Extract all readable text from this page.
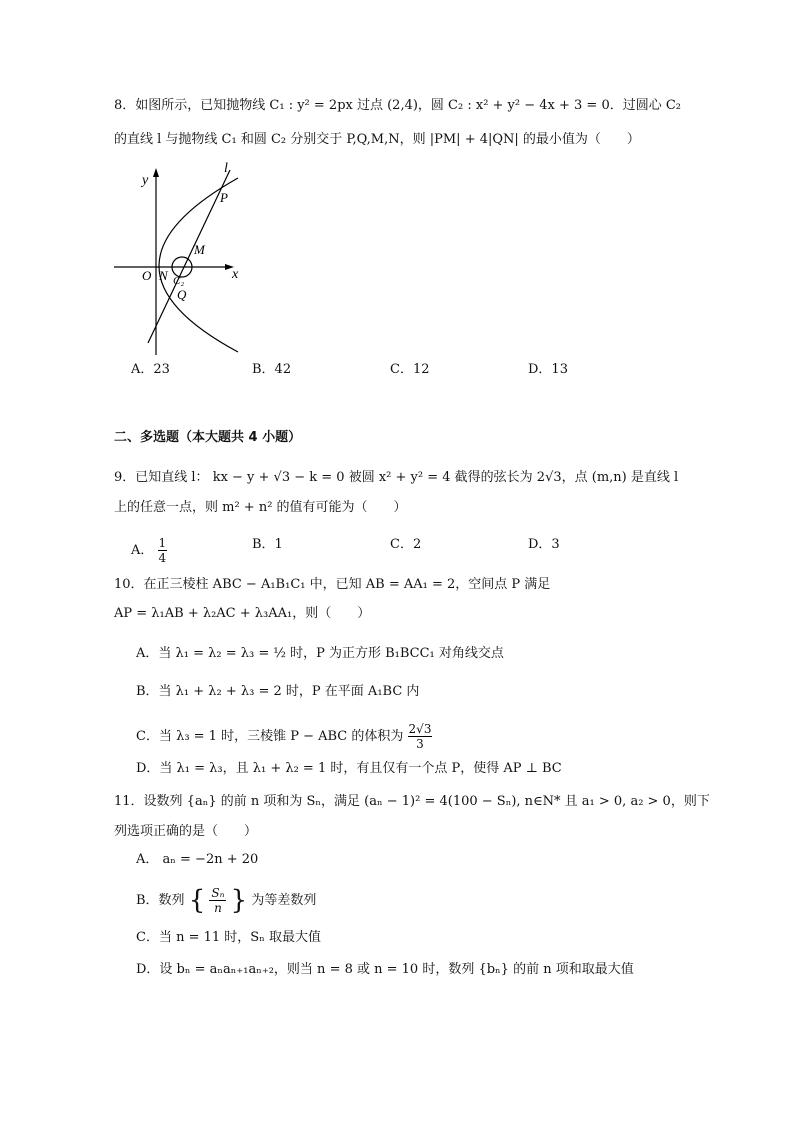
8．如图所示，已知抛物线 C₁ : y² = 2px 过点 (2,4)，圆 C₂ : x² + y² − 4x + 3 = 0．过圆心 C₂
的直线 l 与抛物线 C₁ 和圆 C₂ 分别交于 P,Q,M,N，则 |PM| + 4|QN| 的最小值为（　　）
y
x
l
P
M
O N C₂
Q
A．23	B．42	C．12	D．13
二、多选题（本大题共 4 小题）
9．已知直线 l： kx − y + √3 − k = 0 被圆 x² + y² = 4 截得的弦长为 2√3，点 (m,n) 是直线 l
上的任意一点，则 m² + n² 的值有可能为（　　）
A． $\frac{1}{4}$	B．1	C．2	D．3
10．在正三棱柱 ABC − A₁B₁C₁ 中，已知 AB = AA₁ = 2，空间点 P 满足
AP = λ₁AB + λ₂AC + λ₃AA₁，则（　　）
A．当 λ₁ = λ₂ = λ₃ = ½ 时，P 为正方形 B₁BCC₁ 对角线交点
B．当 λ₁ + λ₂ + λ₃ = 2 时，P 在平面 A₁BC 内
C．当 λ₃ = 1 时，三棱锥 P − ABC 的体积为 $\frac{2√3}{3}$
D．当 λ₁ = λ₃，且 λ₁ + λ₂ = 1 时，有且仅有一个点 P，使得 AP ⊥ BC
11．设数列 {aₙ} 的前 n 项和为 Sₙ，满足 (aₙ − 1)² = 4(100 − Sₙ), n∈N* 且 a₁ > 0, a₂ > 0，则下
列选项正确的是（　　）
A． aₙ = −2n + 20
B．数列 { $\frac{\text{Sₙ}}{n}$ } 为等差数列
C．当 n = 11 时，Sₙ 取最大值
D．设 bₙ = aₙaₙ₊₁aₙ₊₂，则当 n = 8 或 n = 10 时，数列 {bₙ} 的前 n 项和取最大值
